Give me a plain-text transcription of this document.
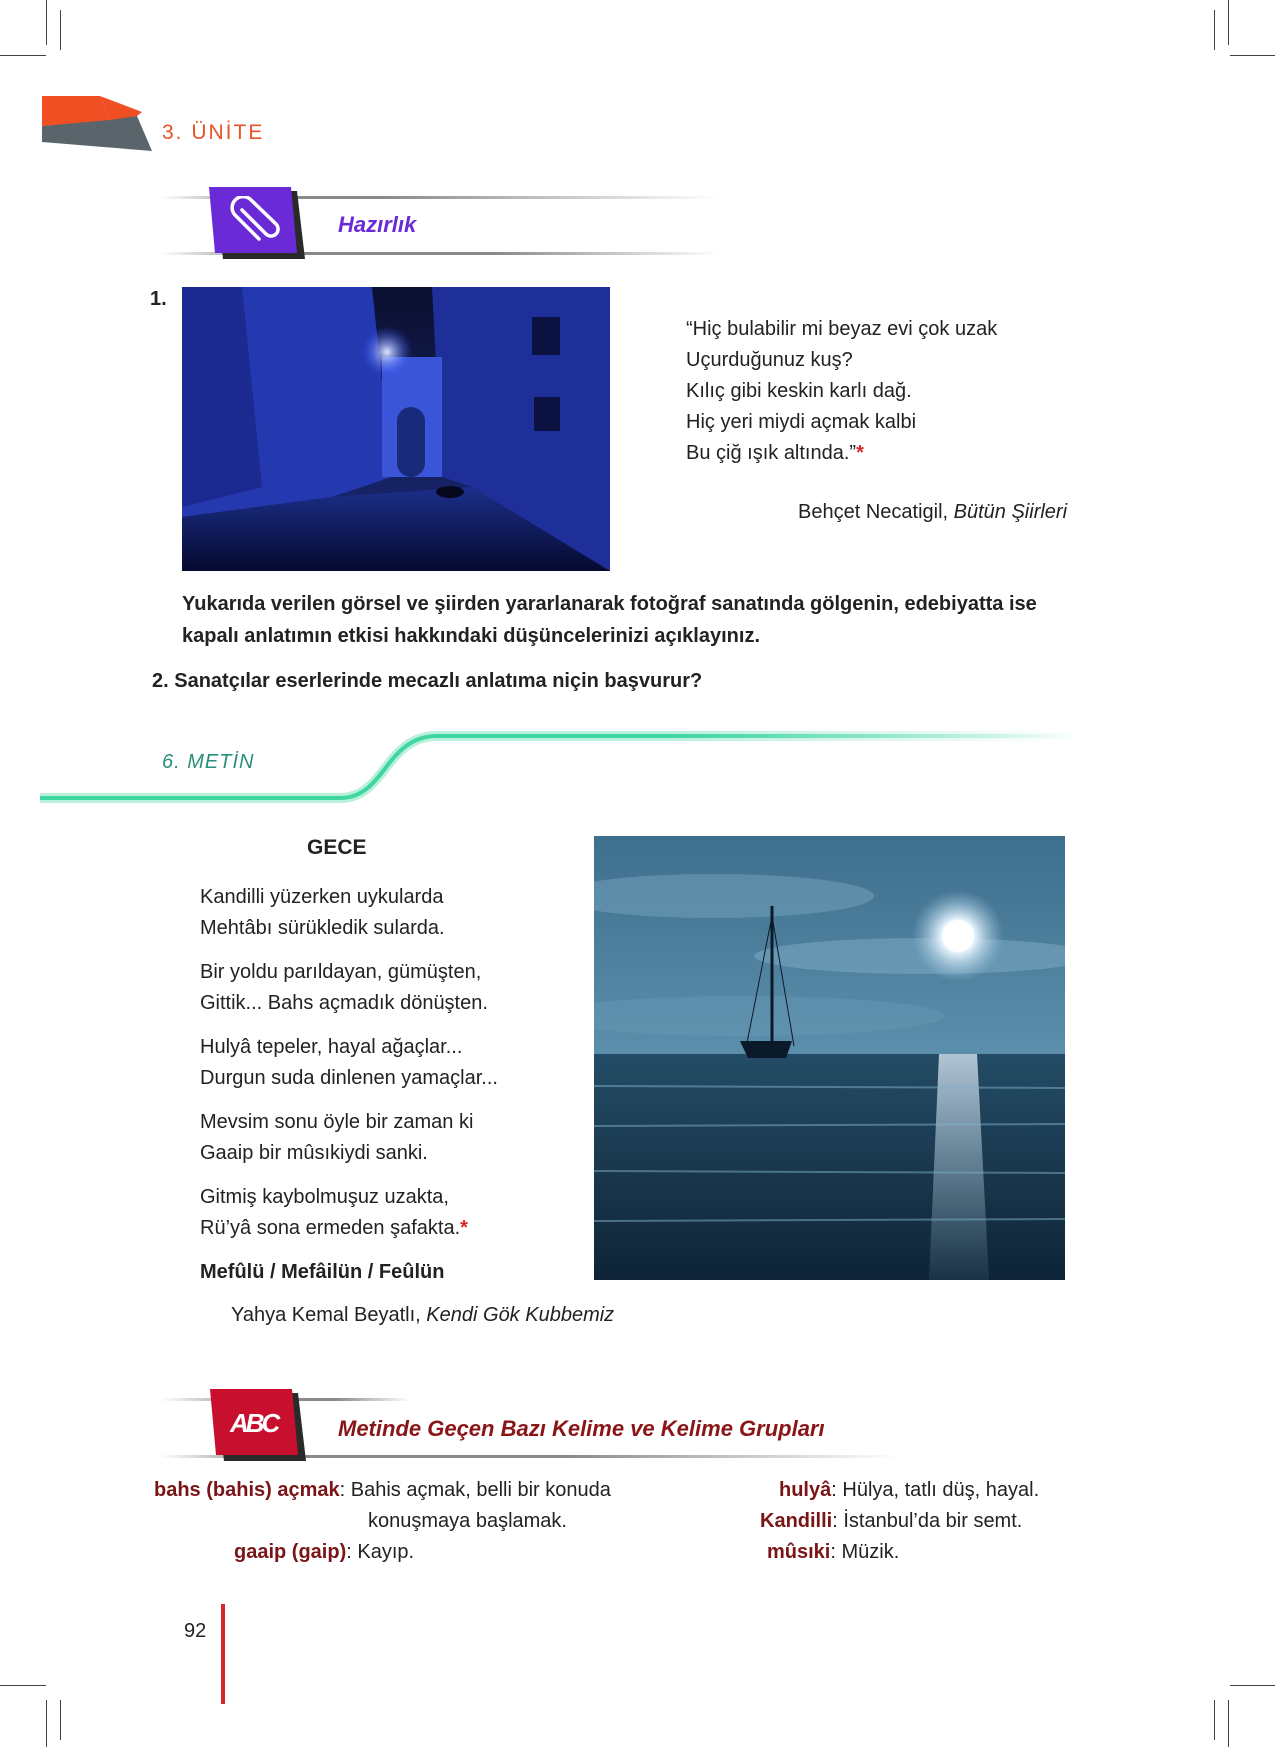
3. ÜNİTE
Hazırlık
1.
“Hiç bulabilir mi beyaz evi çok uzak
Uçurduğunuz kuş?
Kılıç gibi keskin karlı dağ.
Hiç yeri miydi açmak kalbi
Bu çiğ ışık altında.”*
Behçet Necatigil, Bütün Şiirleri
Yukarıda verilen görsel ve şiirden yararlanarak fotoğraf sanatında gölgenin, edebiyatta ise
kapalı anlatımın etkisi hakkındaki düşüncelerinizi açıklayınız.
2. Sanatçılar eserlerinde mecazlı anlatıma niçin başvurur?
6. METİN
GECE
Kandilli yüzerken uykularda
Mehtâbı sürükledik sularda.
Bir yoldu parıldayan, gümüşten,
Gittik... Bahs açmadık dönüşten.
Hulyâ tepeler, hayal ağaçlar...
Durgun suda dinlenen yamaçlar...
Mevsim sonu öyle bir zaman ki
Gaaip bir mûsıkiydi sanki.
Gitmiş kaybolmuşuz uzakta,
Rü’yâ sona ermeden şafakta.*
Mefûlü / Mefâilün / Feûlün
Yahya Kemal Beyatlı, Kendi Gök Kubbemiz
ABC	Metinde Geçen Bazı Kelime ve Kelime Grupları
bahs (bahis) açmak: Bahis açmak, belli bir konuda
konuşmaya başlamak.
gaaip (gaip): Kayıp.
hulyâ: Hülya, tatlı düş, hayal.
Kandilli: İstanbul’da bir semt.
mûsıki: Müzik.
92
